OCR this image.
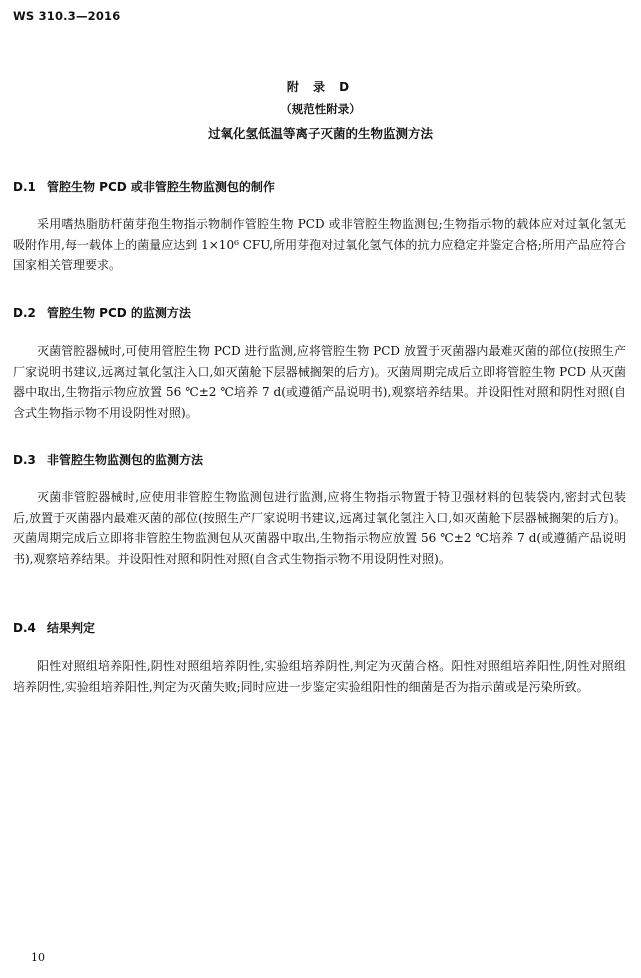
WS 310.3—2016
附 录 D
（规范性附录）
过氧化氢低温等离子灭菌的生物监测方法
D.1 管腔生物 PCD 或非管腔生物监测包的制作
采用嗜热脂肪杆菌芽孢生物指示物制作管腔生物 PCD 或非管腔生物监测包;生物指示物的载体应对过氧化氢无吸附作用,每一载体上的菌量应达到 1×10⁶ CFU,所用芽孢对过氧化氢气体的抗力应稳定并鉴定合格;所用产品应符合国家相关管理要求。
D.2 管腔生物 PCD 的监测方法
灭菌管腔器械时,可使用管腔生物 PCD 进行监测,应将管腔生物 PCD 放置于灭菌器内最难灭菌的部位(按照生产厂家说明书建议,远离过氧化氢注入口,如灭菌舱下层器械搁架的后方)。灭菌周期完成后立即将管腔生物 PCD 从灭菌器中取出,生物指示物应放置 56 ℃±2 ℃培养 7 d(或遵循产品说明书),观察培养结果。并设阳性对照和阴性对照(自含式生物指示物不用设阴性对照)。
D.3 非管腔生物监测包的监测方法
灭菌非管腔器械时,应使用非管腔生物监测包进行监测,应将生物指示物置于特卫强材料的包装袋内,密封式包装后,放置于灭菌器内最难灭菌的部位(按照生产厂家说明书建议,远离过氧化氢注入口,如灭菌舱下层器械搁架的后方)。灭菌周期完成后立即将非管腔生物监测包从灭菌器中取出,生物指示物应放置 56 ℃±2 ℃培养 7 d(或遵循产品说明书),观察培养结果。并设阳性对照和阴性对照(自含式生物指示物不用设阴性对照)。
D.4 结果判定
阳性对照组培养阳性,阴性对照组培养阴性,实验组培养阴性,判定为灭菌合格。阳性对照组培养阳性,阴性对照组培养阴性,实验组培养阳性,判定为灭菌失败;同时应进一步鉴定实验组阳性的细菌是否为指示菌或是污染所致。
10
